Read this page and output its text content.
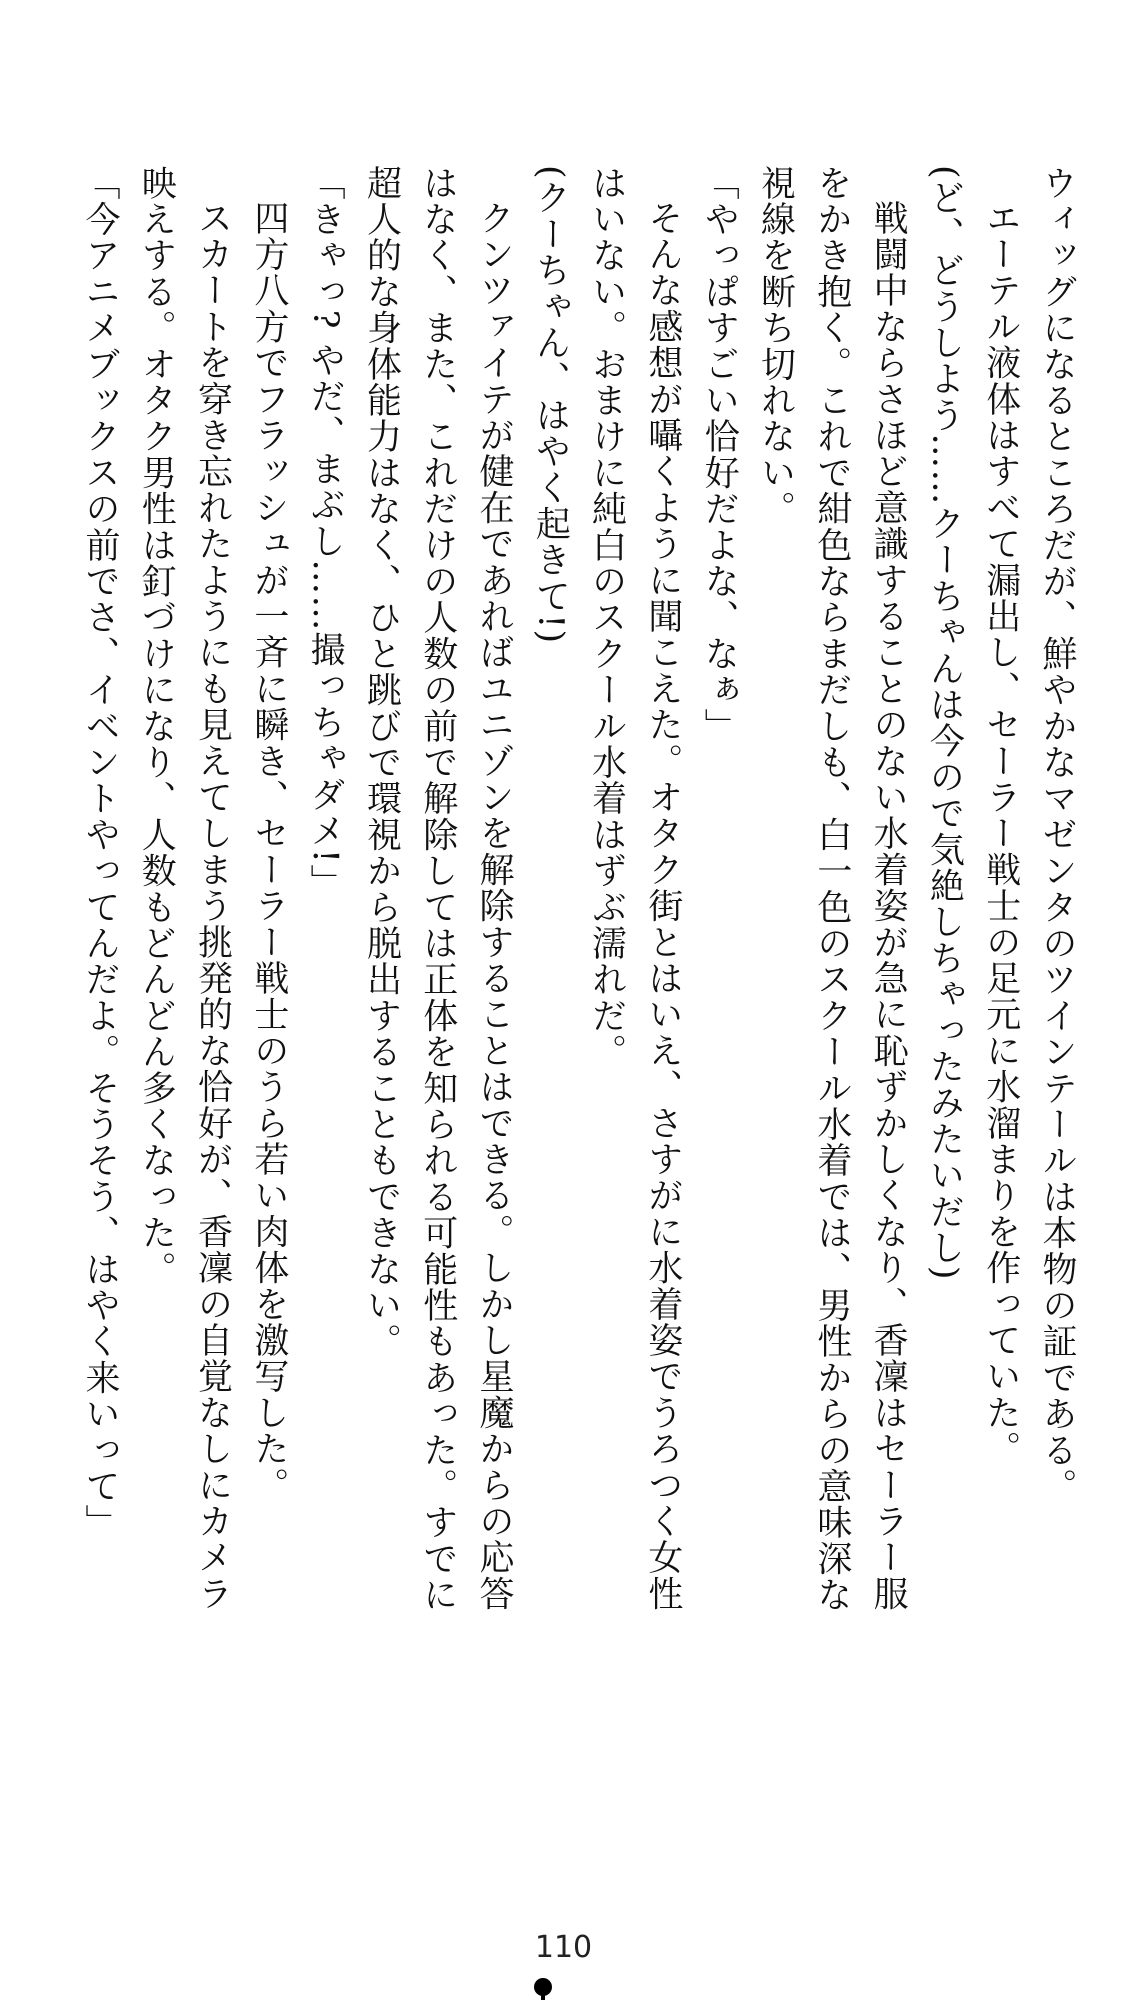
ウィッグになるところだが、鮮やかなマゼンタのツインテールは本物の証である。

エーテル液体はすべて漏出し、セーラー戦士の足元に水溜まりを作っていた。

(ど、どうしよう……クーちゃんは今ので気絶しちゃったみたいだし)

戦闘中ならさほど意識することのない水着姿が急に恥ずかしくなり、香凜はセーラー服

をかき抱く。これで紺色ならまだしも、白一色のスクール水着では、男性からの意味深な

視線を断ち切れない。

「やっぱすごい恰好だよな、なぁ」

そんな感想が囁くように聞こえた。オタク街とはいえ、さすがに水着姿でうろつく女性

はいない。おまけに純白のスクール水着はずぶ濡れだ。

(クーちゃん、はやく起きて!)

クンツァイテが健在であればユニゾンを解除することはできる。しかし星魔からの応答

はなく、また、これだけの人数の前で解除しては正体を知られる可能性もあった。すでに

超人的な身体能力はなく、ひと跳びで環視から脱出することもできない。

「きゃっ? やだ、まぶし……撮っちゃダメ!」

四方八方でフラッシュが一斉に瞬き、セーラー戦士のうら若い肉体を激写した。

スカートを穿き忘れたようにも見えてしまう挑発的な恰好が、香凜の自覚なしにカメラ

映えする。オタク男性は釘づけになり、人数もどんどん多くなった。

「今アニメブックスの前でさ、イベントやってんだよ。そうそう、はやく来いって」

110
